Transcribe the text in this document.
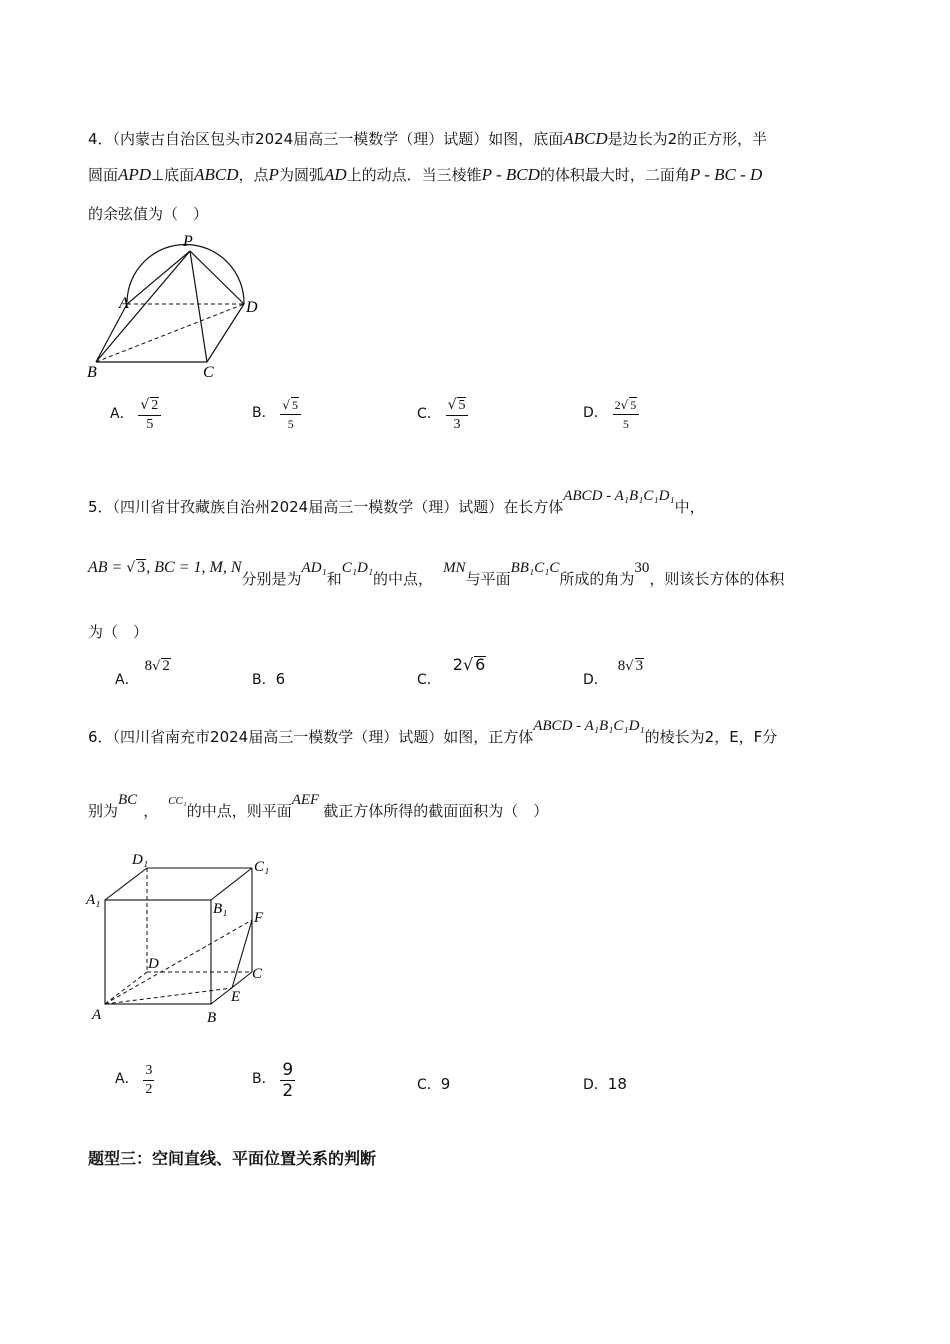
4．（内蒙古自治区包头市2024届高三一模数学（理）试题）如图，底面ABCD是边长为2的正方形，半
圆面APD⊥底面ABCD，点P为圆弧AD上的动点．当三棱锥P - BCD的体积最大时，二面角P - BC - D
的余弦值为（　）
P
A	D
B	C
A． $\frac{√ 2}{5}$	B． $\frac{√ 5}{5}$	C． $\frac{√ 5}{3}$	D． $\frac{2√ 5}{5}$
5．（四川省甘孜藏族自治州2024届高三一模数学（理）试题）在长方体ABCD - A₁B₁C₁D₁中，
AB = √ 3, BC = 1, M, N分别是为AD₁和C₁D₁的中点，MN与平面BB₁C₁C所成的角为30，则该长方体的体积
为（　）
A．8√ 2
B．6	C．2√ 6
D．8√ 3
6．（四川省南充市2024届高三一模数学（理）试题）如图，正方体ABCD - A₁B₁C₁D₁的棱长为2，E，F分
别为BC，CC₁的中点，则平面AEF截正方体所得的截面面积为（　）
D₁	C₁
A₁
B₁
F
D
C
E
A	B
A． $\frac{3}{2}$	B． $\frac{9}{2}$	C．9	D．18
题型三：空间直线、平面位置关系的判断
